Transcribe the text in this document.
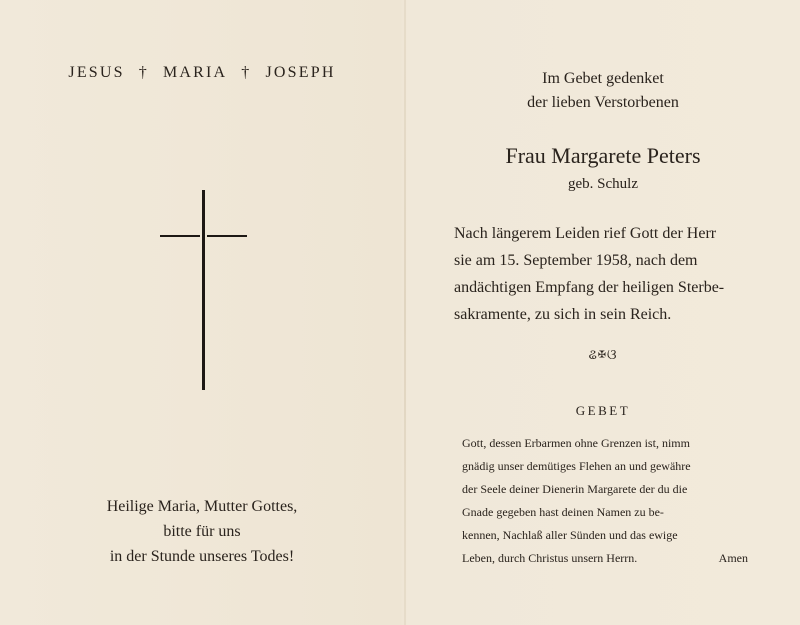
JESUS † MARIA † JOSEPH
Heilige Maria, Mutter Gottes,
bitte für uns
in der Stunde unseres Todes!
Im Gebet gedenket
der lieben Verstorbenen
Frau Margarete Peters
geb. Schulz
Nach längerem Leiden rief Gott der Herr
sie am 15. September 1958, nach dem
andächtigen Empfang der heiligen Sterbe-
sakramente, zu sich in sein Reich.
ଌ✠ଓ
GEBET
Gott, dessen Erbarmen ohne Grenzen ist, nimm
gnädig unser demütiges Flehen an und gewähre
der Seele deiner Dienerin Margarete der du die
Gnade gegeben hast deinen Namen zu be-
kennen, Nachlaß aller Sünden und das ewige
Leben, durch Christus unsern Herrn.	Amen
